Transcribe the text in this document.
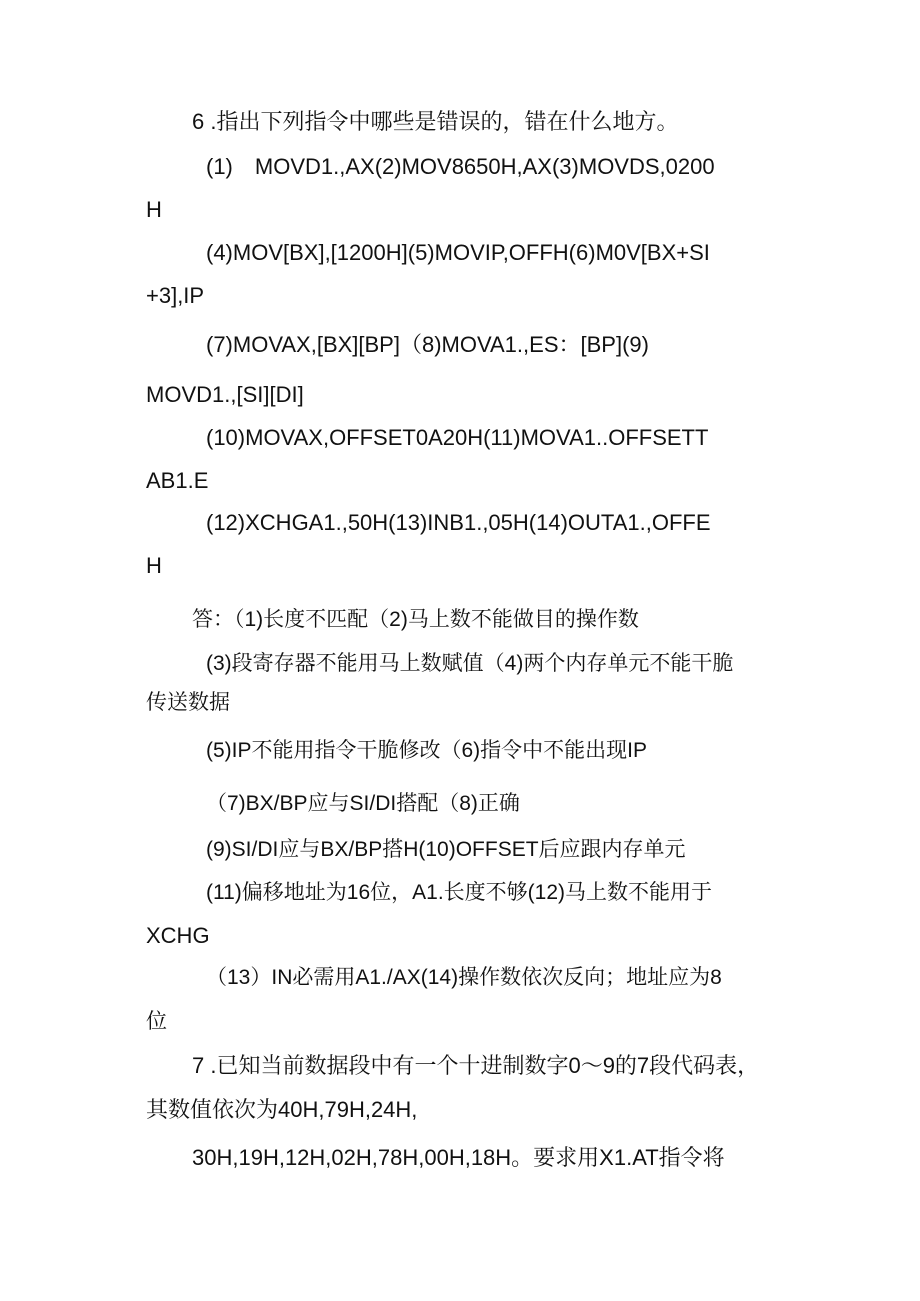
6 .指出下列指令中哪些是错误的，错在什么地方。
(1)　MOVD1.,AX(2)MOV8650H,AX(3)MOVDS,0200
H
(4)MOV[BX],[1200H](5)MOVIP,OFFH(6)M0V[BX+SI
+3],IP
(7)MOVAX,[BX][BP]（8)MOVA1.,ES：[BP](9)
MOVD1.,[SI][DI]
(10)MOVAX,OFFSET0A20H(11)MOVA1..OFFSETT
AB1.E
(12)XCHGA1.,50H(13)INB1.,05H(14)OUTA1.,OFFE
H
答：（1)长度不匹配（2)马上数不能做目的操作数
(3)段寄存器不能用马上数赋值（4)两个内存单元不能干脆
传送数据
(5)IP不能用指令干脆修改（6)指令中不能出现IP
（7)BX/BP应与SI/DI搭配（8)正确
(9)SI/DI应与BX/BP搭H(10)OFFSET后应跟内存单元
(11)偏移地址为16位，A1.长度不够(12)马上数不能用于
XCHG
（13）IN必需用A1./AX(14)操作数依次反向；地址应为8
位
7 .已知当前数据段中有一个十进制数字0～9的7段代码表，
其数值依次为40H,79H,24H,
30H,19H,12H,02H,78H,00H,18H。要求用X1.AT指令将
